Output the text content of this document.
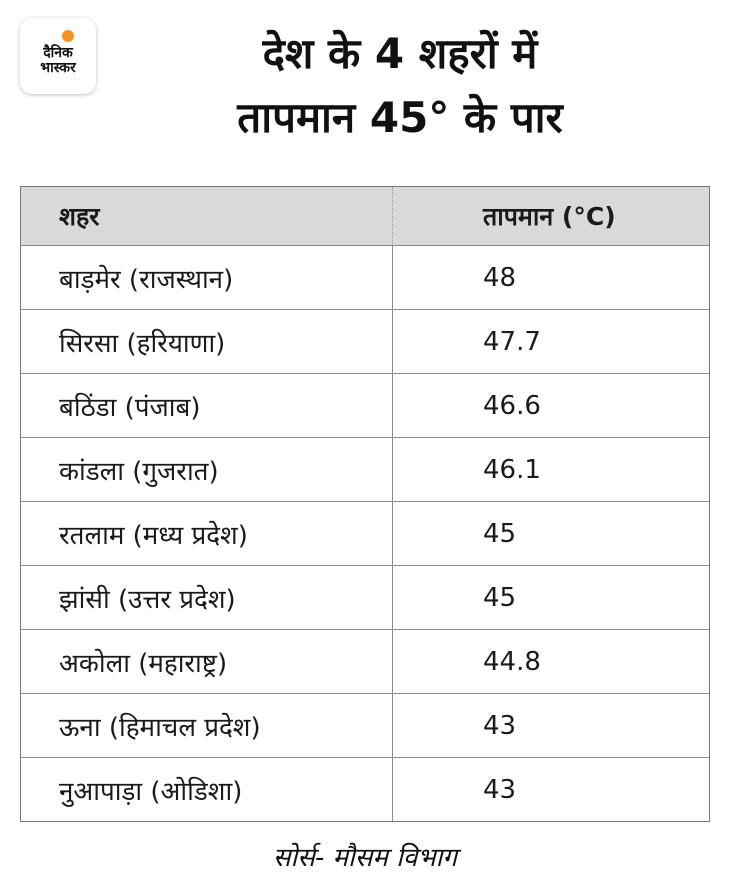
दैनिक
भास्कर	देश के 4 शहरों में
तापमान 45° के पार
शहर	तापमान (°C)
बाड़मेर (राजस्थान)	48
सिरसा (हरियाणा)	47.7
बठिंडा (पंजाब)	46.6
कांडला (गुजरात)	46.1
रतलाम (मध्य प्रदेश)	45
झांसी (उत्तर प्रदेश)	45
अकोला (महाराष्ट्र)	44.8
ऊना (हिमाचल प्रदेश)	43
नुआपाड़ा (ओडिशा)	43
सोर्स- मौसम विभाग
